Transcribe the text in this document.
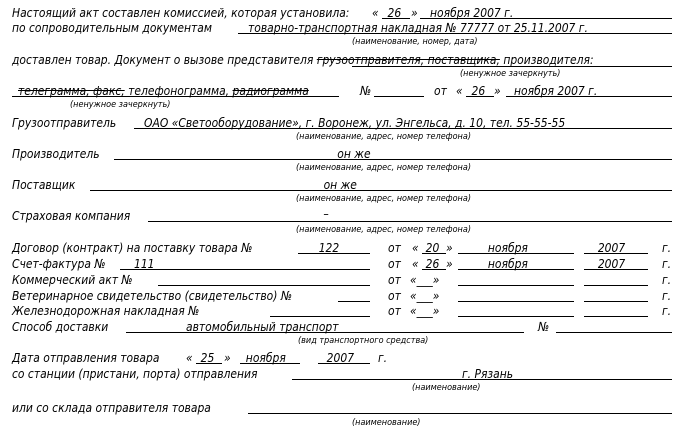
Настоящий акт составлен комиссией, которая установила: « 26 » ноября 2007 г.
по сопроводительным документам	товарно-транспортная накладная № 77777 от 25.11.2007 г.
(наименование, номер, дата)
доставлен товар. Документ о вызове представителя грузоотправителя, поставщика, производителя:
(ненужное зачеркнуть)
телеграмма, факс, телефонограмма, радиограмма
(ненужное зачеркнуть)
№	от « 26 » ноября 2007 г.
Грузоотправитель ОАО «Светооборудование», г. Воронеж, ул. Энгельса, д. 10, тел. 55-55-55
(наименование, адрес, номер телефона)
Производитель	он же
(наименование, адрес, номер телефона)
Поставщик	он же
(наименование, адрес, номер телефона)
Страховая компания	–
(наименование, адрес, номер телефона)
Договор (контракт) на поставку товара №	122	от « 20 »	ноября	2007	г.
Счет-фактура № 111	от « 26 »	ноября	2007	г.
Коммерческий акт №	от «___»	г.
Ветеринарное свидетельство (свидетельство) №	от «___»	г.
Железнодорожная накладная №	от «___»	г.
Способ доставки	автомобильный транспорт	№
(вид транспортного средства)
Дата отправления товара « 25 »	ноября	2007	г.
со станции (пристани, порта) отправления	г. Рязань
(наименование)
или со склада отправителя товара
(наименование)
